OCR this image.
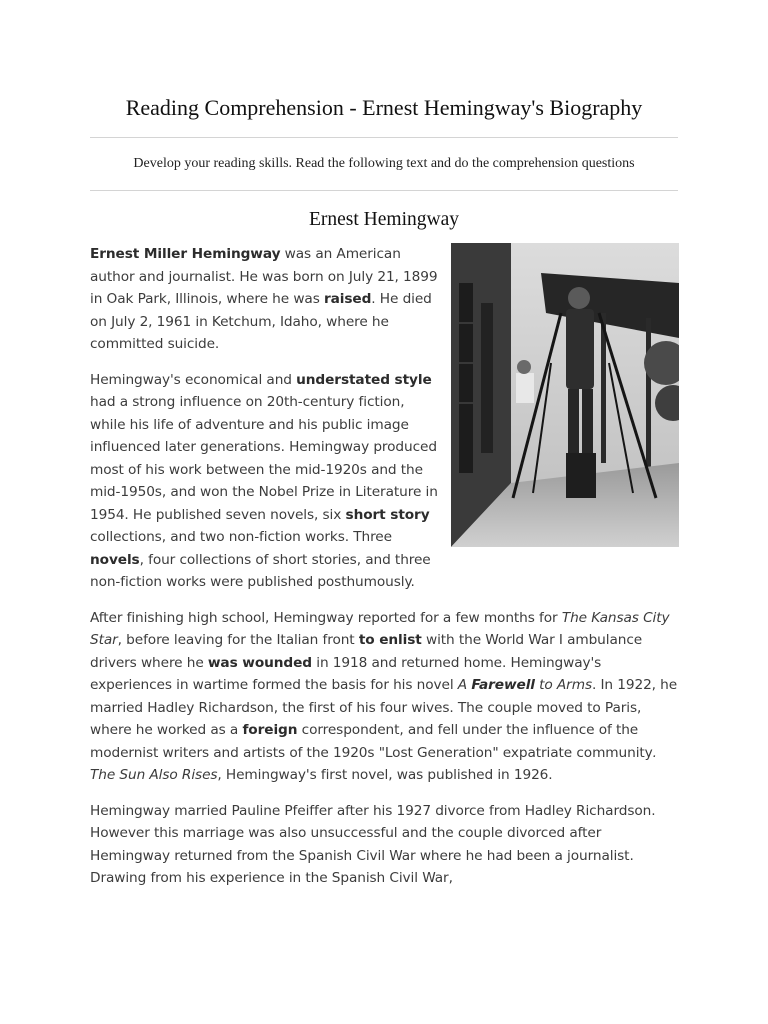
Reading Comprehension - Ernest Hemingway's Biography

Develop your reading skills. Read the following text and do the comprehension questions

Ernest Hemingway

Ernest Miller Hemingway was an American author and journalist. He was born on July 21, 1899 in Oak Park, Illinois, where he was raised. He died on July 2, 1961 in Ketchum, Idaho, where he committed suicide.

Hemingway's economical and understated style had a strong influence on 20th-century fiction, while his life of adventure and his public image influenced later generations. Hemingway produced most of his work between the mid-1920s and the mid-1950s, and won the Nobel Prize in Literature in 1954. He published seven novels, six short story collections, and two non-fiction works. Three novels, four collections of short stories, and three non-fiction works were published posthumously.

After finishing high school, Hemingway reported for a few months for The Kansas City Star, before leaving for the Italian front to enlist with the World War I ambulance drivers where he was wounded in 1918 and returned home. Hemingway's experiences in wartime formed the basis for his novel A Farewell to Arms. In 1922, he married Hadley Richardson, the first of his four wives. The couple moved to Paris, where he worked as a foreign correspondent, and fell under the influence of the modernist writers and artists of the 1920s "Lost Generation" expatriate community. The Sun Also Rises, Hemingway's first novel, was published in 1926.

Hemingway married Pauline Pfeiffer after his 1927 divorce from Hadley Richardson. However this marriage was also unsuccessful and the couple divorced after Hemingway returned from the Spanish Civil War where he had been a journalist. Drawing from his experience in the Spanish Civil War,
